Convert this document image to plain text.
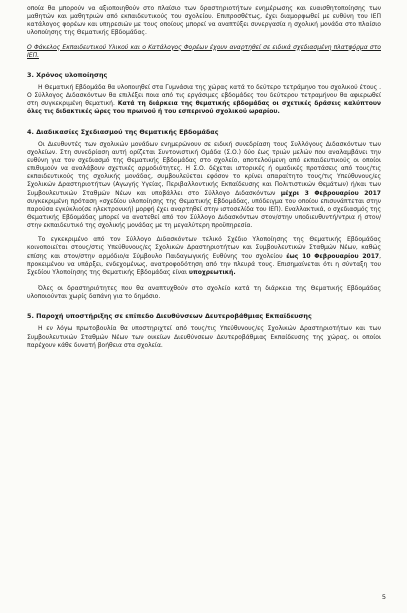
οποία θα μπορούν να αξιοποιηθούν στο πλαίσιο των δραστηριοτήτων ενημέρωσης και ευαισθητοποίησης των μαθητών και μαθητριών από εκπαιδευτικούς του σχολείου. Επιπροσθέτως, έχει διαμορφωθεί με ευθύνη του ΙΕΠ κατάλογος φορέων και υπηρεσιών με τους οποίους μπορεί να αναπτύξει συνεργασία η σχολική μονάδα στο πλαίσιο υλοποίησης της Θεματικής Εβδομάδας.

Ο Φάκελος Εκπαιδευτικού Υλικού και ο Κατάλογος Φορέων έχουν αναρτηθεί σε ειδικά σχεδιασμένη πλατφόρμα στο ΙΕΠ.

3. Χρόνος υλοποίησης

Η Θεματική Εβδομάδα θα υλοποιηθεί στα Γυμνάσια της χώρας κατά το δεύτερο τετράμηνο του σχολικού έτους . Ο Σύλλογος Διδασκόντων θα επιλέξει ποια από τις εργάσιμες εβδομάδες του δεύτερου τετραμήνου θα αφιερωθεί στη συγκεκριμένη θεματική. Κατά τη διάρκεια της θεματικής εβδομάδας οι σχετικές δράσεις καλύπτουν όλες τις διδακτικές ώρες του πρωινού ή του εσπερινού σχολικού ωραρίου.

4. Διαδικασίες Σχεδιασμού της Θεματικής Εβδομάδας

Οι Διευθυντές των σχολικών μονάδων ενημερώνουν σε ειδική συνεδρίαση τους Συλλόγους Διδασκόντων των σχολείων. Στη συνεδρίαση αυτή ορίζεται Συντονιστική Ομάδα (Σ.Ο.) δύο έως τριών μελών που αναλαμβάνει την ευθύνη για τον σχεδιασμό της Θεματικής Εβδομάδας στο σχολείο, αποτελούμενη από εκπαιδευτικούς οι οποίοι επιθυμούν να αναλάβουν σχετικές αρμοδιότητες. Η Σ.Ο. δέχεται ιστορικές ή ομαδικές προτάσεις από τους/τις εκπαιδευτικούς της σχολικής μονάδας, συμβουλεύεται εφόσον το κρίνει απαραίτητο τους/τις Υπεύθυνους/ες Σχολικών Δραστηριοτήτων (Αγωγής Υγείας, Περιβαλλοντικής Εκπαίδευσης και Πολιτιστικών Θεμάτων) ή/και των Συμβουλευτικών Σταθμών Νέων και υποβάλλει στο Σύλλογο Διδασκόντων μέχρι 3 Φεβρουαρίου 2017 συγκεκριμένη πρόταση «σχεδίου υλοποίησης της Θεματικής Εβδομάδας, υπόδειγμα του οποίου επισυνάπτεται στην παρούσα εγκύκλιο(σε ηλεκτρονική) μορφή έχει αναρτηθεί στην ιστοσελίδα του ΙΕΠ). Εναλλακτικά, ο σχεδιασμός της Θεματικής Εβδομάδας μπορεί να ανατεθεί από τον Σύλλογο Διδασκόντων στον/στην υποδιευθυντή/ντρια ή στον/στην εκπαιδευτικό της σχολικής μονάδας με τη μεγαλύτερη προϋπηρεσία.

Το εγκεκριμένο από τον Σύλλογο Διδασκόντων τελικό Σχέδιο Υλοποίησης της Θεματικής Εβδομάδας κοινοποιείται στους/στις Υπεύθυνους/ες Σχολικών Δραστηριοτήτων και Συμβουλευτικών Σταθμών Νέων, καθώς επίσης και στον/στην αρμόδιο/α Σύμβουλο Παιδαγωγικής Ευθύνης του σχολείου έως 10 Φεβρουαρίου 2017, προκειμένου να υπάρξει, ενδεχομένως, ανατροφοδότηση από την πλευρά τους. Επισημαίνεται ότι η σύνταξη του Σχεδίου Υλοποίησης της Θεματικής Εβδομάδας είναι υποχρεωτική.

Όλες οι δραστηριότητες που θα αναπτυχθούν στο σχολείο κατά τη διάρκεια της Θεματικής Εβδομάδας υλοποιούνται χωρίς δαπάνη για το δημόσιο.

5. Παροχή υποστήριξης σε επίπεδο Διευθύνσεων Δευτεροβάθμιας Εκπαίδευσης

Η εν λόγω πρωτοβουλία θα υποστηριχτεί από τους/τις Υπεύθυνους/ες Σχολικών Δραστηριοτήτων και των Συμβουλευτικών Σταθμών Νέων των οικείων Διευθύνσεων Δευτεροβάθμιας Εκπαίδευσης της χώρας, οι οποίοι παρέχουν κάθε δυνατή βοήθεια στα σχολεία.

5
